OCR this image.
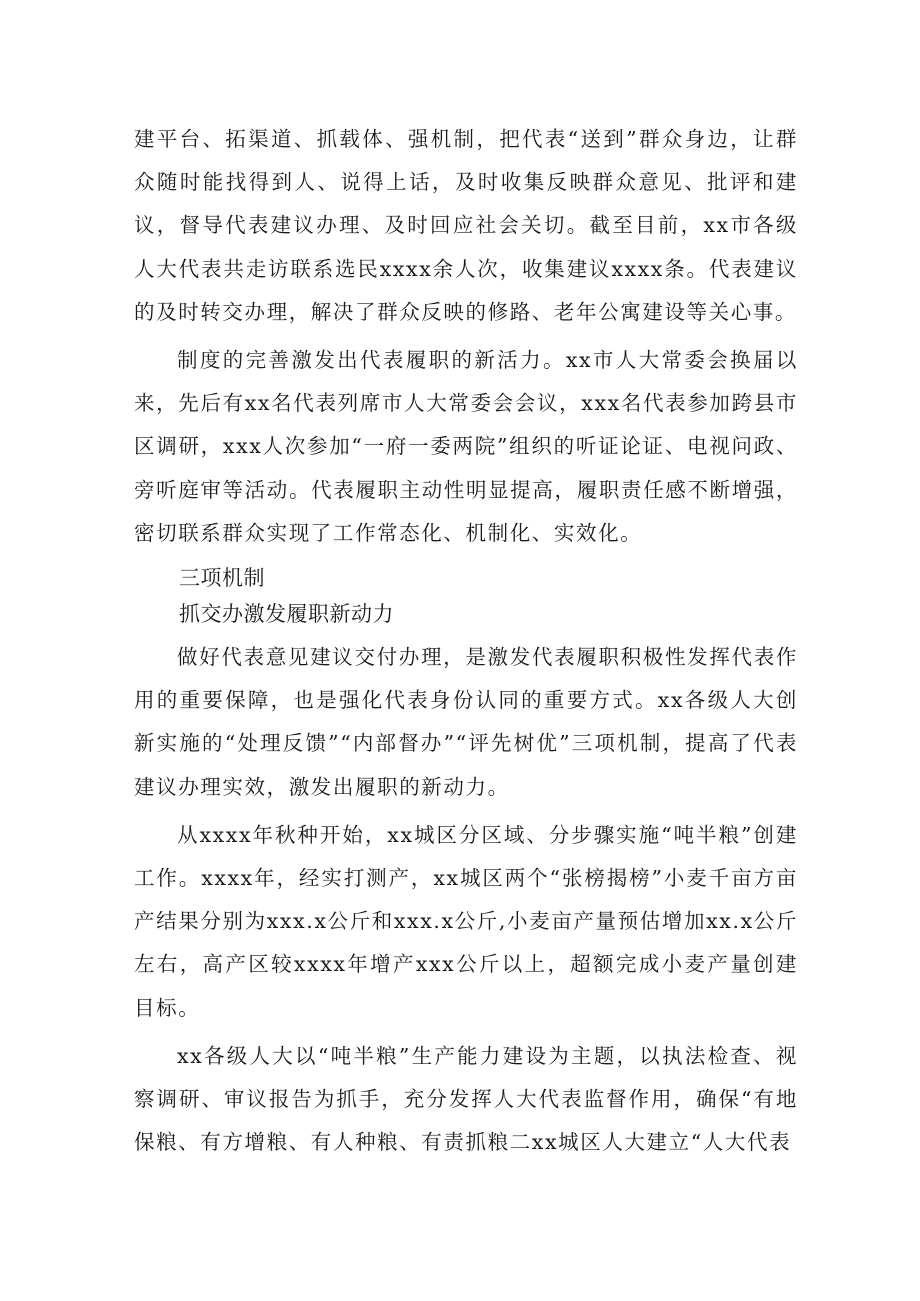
建平台、拓渠道、抓载体、强机制，把代表“送到”群众身边，让群众随时能找得到人、说得上话，及时收集反映群众意见、批评和建议，督导代表建议办理、及时回应社会关切。截至目前，xx市各级人大代表共走访联系选民xxxx余人次，收集建议xxxx条。代表建议的及时转交办理，解决了群众反映的修路、老年公寓建设等关心事。

制度的完善激发出代表履职的新活力。xx市人大常委会换届以来，先后有xx名代表列席市人大常委会会议，xxx名代表参加跨县市区调研，xxx人次参加“一府一委两院”组织的听证论证、电视问政、旁听庭审等活动。代表履职主动性明显提高，履职责任感不断增强，密切联系群众实现了工作常态化、机制化、实效化。

三项机制
抓交办激发履职新动力

做好代表意见建议交付办理，是激发代表履职积极性发挥代表作用的重要保障，也是强化代表身份认同的重要方式。xx各级人大创新实施的“处理反馈”“内部督办”“评先树优”三项机制，提高了代表建议办理实效，激发出履职的新动力。

从xxxx年秋种开始，xx城区分区域、分步骤实施“吨半粮”创建工作。xxxx年，经实打测产，xx城区两个“张榜揭榜”小麦千亩方亩产结果分别为xxx.x公斤和xxx.x公斤,小麦亩产量预估增加xx.x公斤左右，高产区较xxxx年增产xxx公斤以上，超额完成小麦产量创建目标。

xx各级人大以“吨半粮”生产能力建设为主题，以执法检查、视察调研、审议报告为抓手，充分发挥人大代表监督作用，确保“有地保粮、有方增粮、有人种粮、有责抓粮二xx城区人大建立“人大代表
